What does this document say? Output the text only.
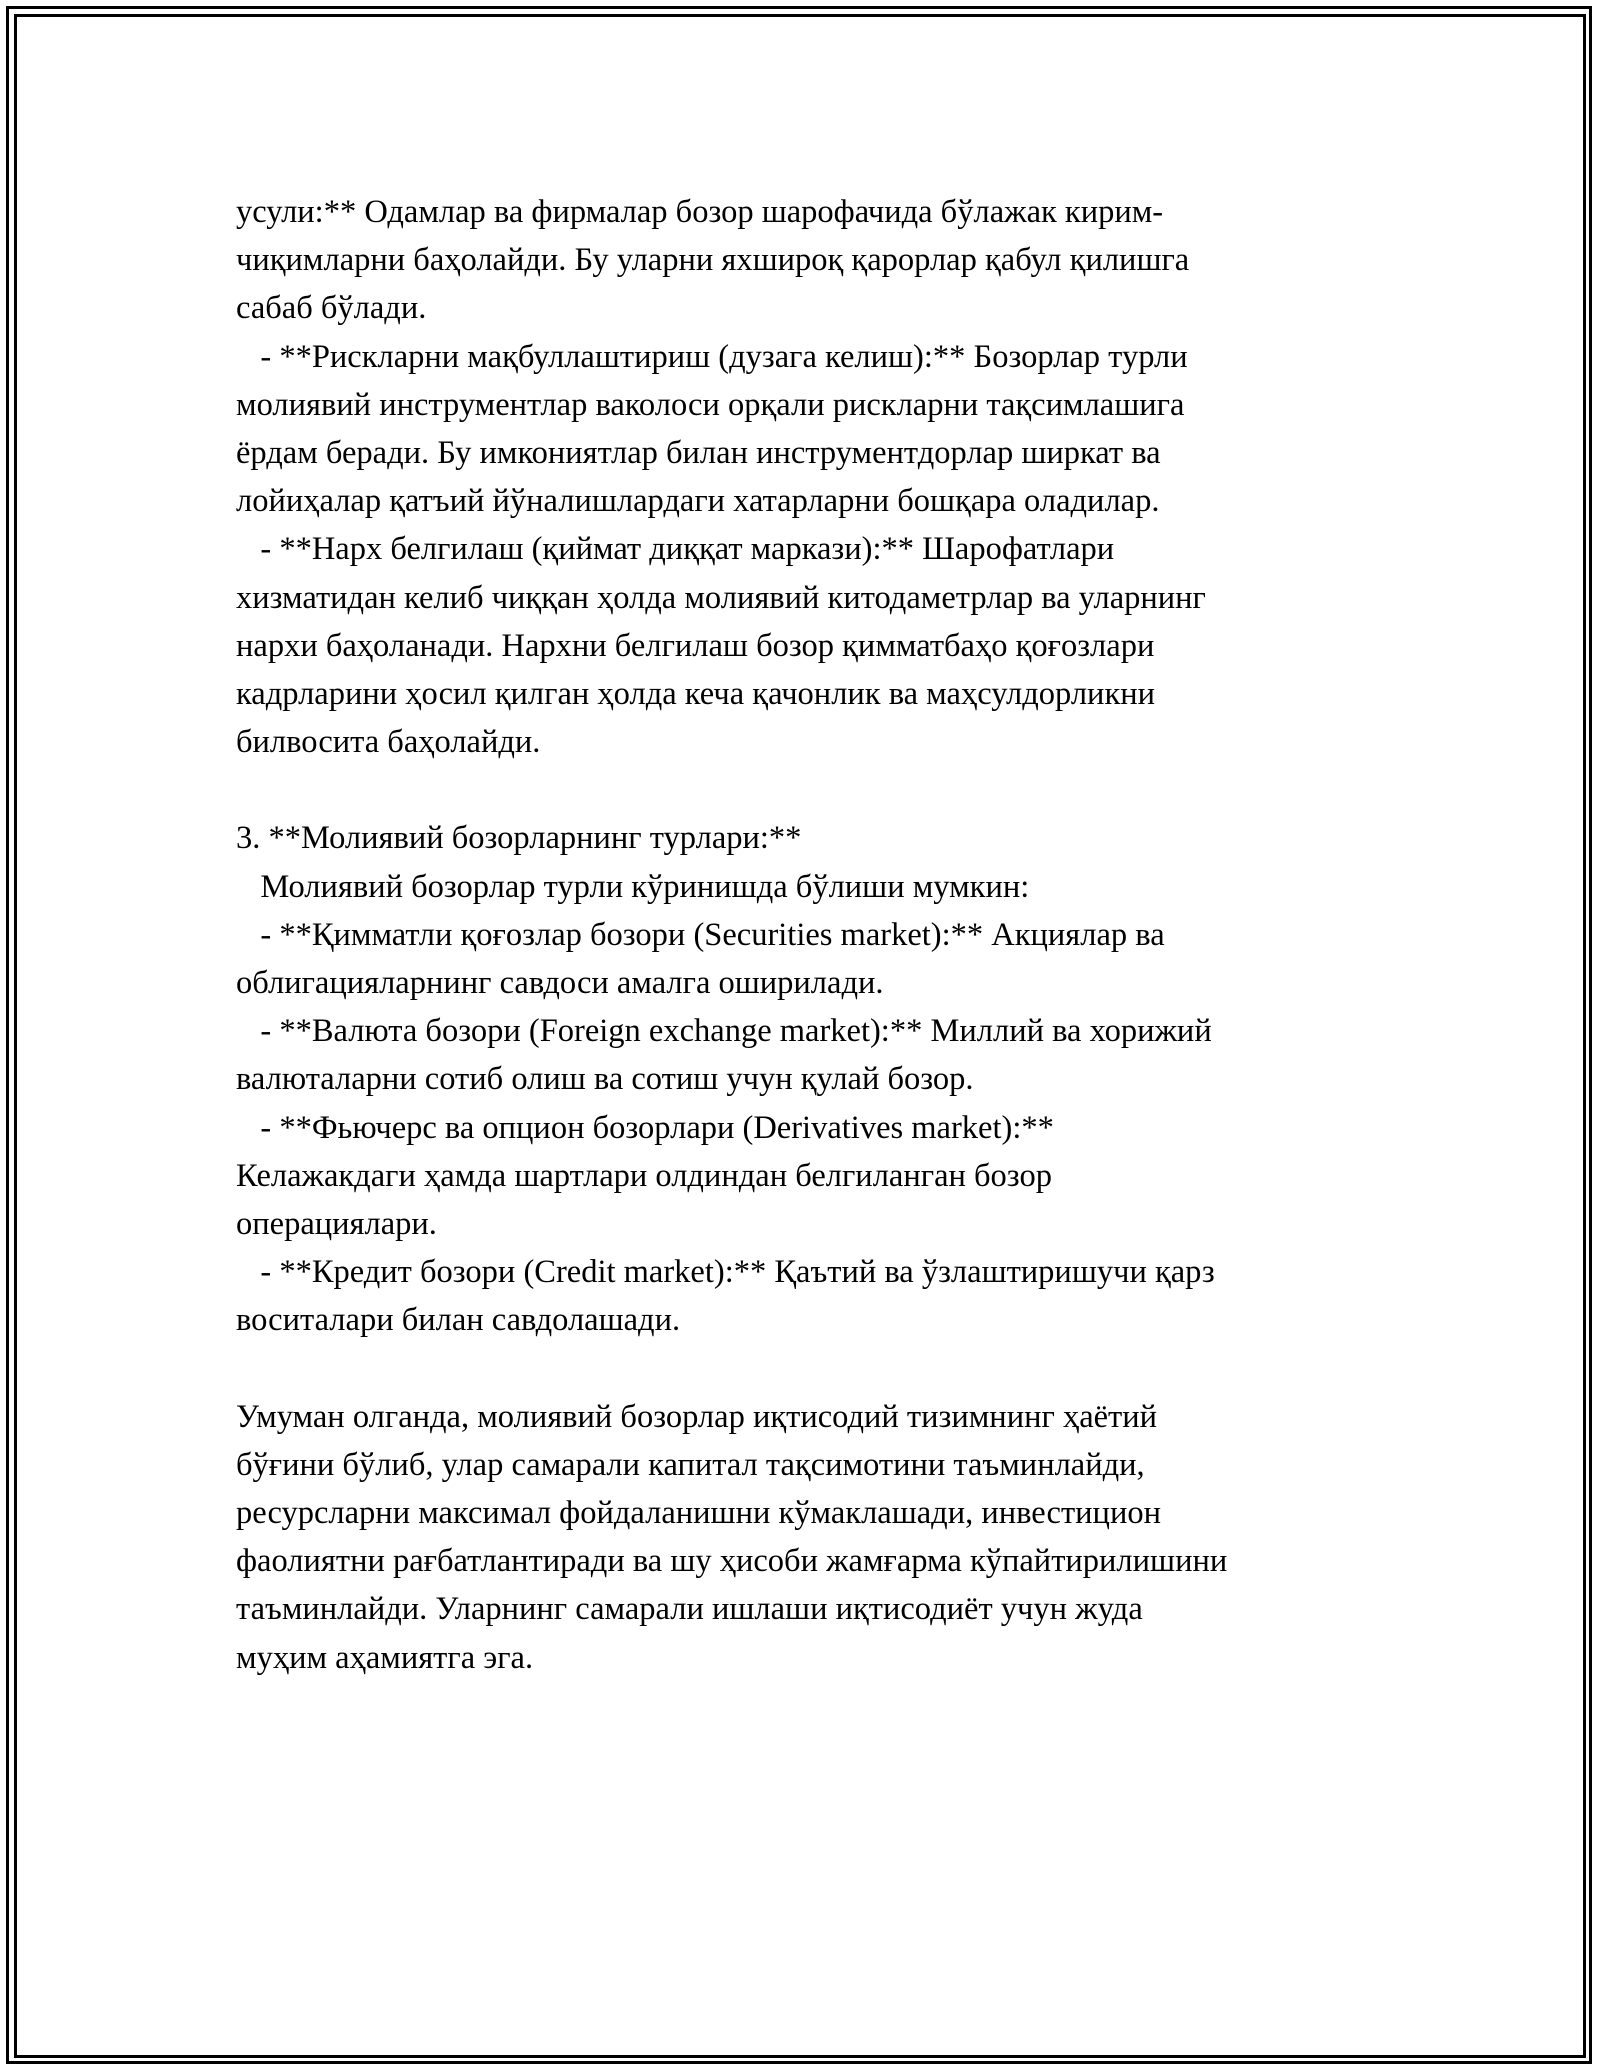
усули:** Одамлар ва фирмалар бозор шарофачида бўлажак кирим-
чиқимларни баҳолайди. Бу уларни яхшироқ қарорлар қабул қилишга
сабаб бўлади.
- **Рискларни мақбуллаштириш (дузага келиш):** Бозорлар турли
молиявий инструментлар ваколоси орқали рискларни тақсимлашига
ёрдам беради. Бу имкониятлар билан инструментдорлар ширкат ва
лойиҳалар қатъий йўналишлардаги хатарларни бошқара оладилар.
- **Нарх белгилаш (қиймат диққат маркази):** Шарофатлари
хизматидан келиб чиққан ҳолда молиявий китодаметрлар ва уларнинг
нархи баҳоланади. Нархни белгилаш бозор қимматбаҳо қоғозлари
кадрларини ҳосил қилган ҳолда кеча қачонлик ва маҳсулдорликни
билвосита баҳолайди.
3. **Молиявий бозорларнинг турлари:**
Молиявий бозорлар турли кўринишда бўлиши мумкин:
- **Қимматли қоғозлар бозори (Securities market):** Акциялар ва
облигацияларнинг савдоси амалга оширилади.
- **Валюта бозори (Foreign exchange market):** Миллий ва хорижий
валюталарни сотиб олиш ва сотиш учун қулай бозор.
- **Фьючерс ва опцион бозорлари (Derivatives market):**
Келажакдаги ҳамда шартлари олдиндан белгиланган бозор
операциялари.
- **Кредит бозори (Credit market):** Қаътий ва ўзлаштиришучи қарз
воситалари билан савдолашади.
Умуман олганда, молиявий бозорлар иқтисодий тизимнинг ҳаётий
бўғини бўлиб, улар самарали капитал тақсимотини таъминлайди,
ресурсларни максимал фойдаланишни кўмаклашади, инвестицион
фаолиятни рағбатлантиради ва шу ҳисоби жамғарма кўпайтирилишини
таъминлайди. Уларнинг самарали ишлаши иқтисодиёт учун жуда
муҳим аҳамиятга эга.
